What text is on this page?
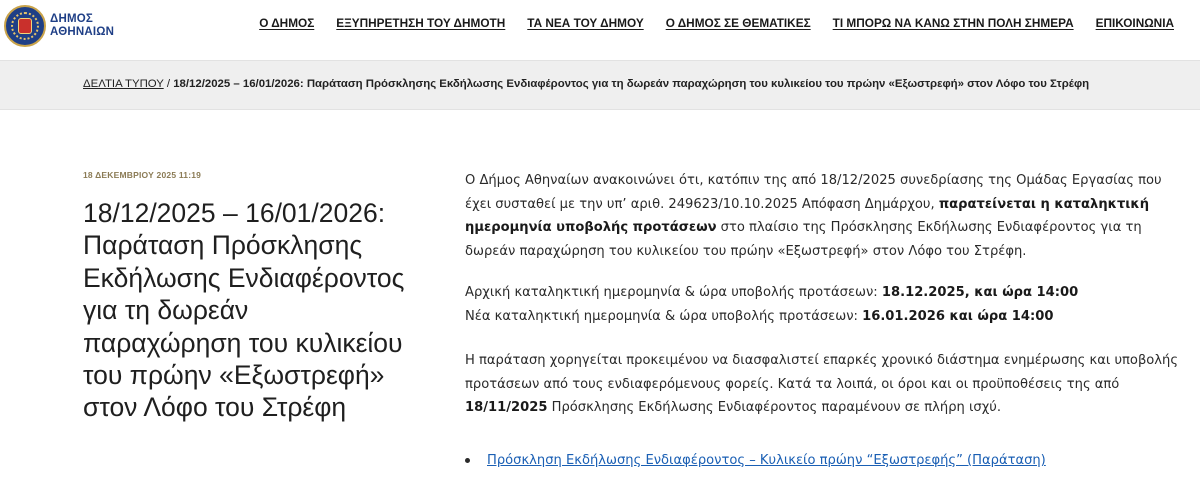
ΔΗΜΟΣ
ΑΘΗΝΑΙΩΝ
Ο ΔΗΜΟΣ ΕΞΥΠΗΡΕΤΗΣΗ ΤΟΥ ΔΗΜΟΤΗ ΤΑ ΝΕΑ ΤΟΥ ΔΗΜΟΥ Ο ΔΗΜΟΣ ΣΕ ΘΕΜΑΤΙΚΕΣ ΤΙ ΜΠΟΡΩ ΝΑ ΚΑΝΩ ΣΤΗΝ ΠΟΛΗ ΣΗΜΕΡΑ ΕΠΙΚΟΙΝΩΝΙΑ
ΔΕΛΤΙΑ ΤΥΠΟΥ / 18/12/2025 – 16/01/2026: Παράταση Πρόσκλησης Εκδήλωσης Ενδιαφέροντος για τη δωρεάν παραχώρηση του κυλικείου του πρώην «Εξωστρεφή» στον Λόφο του Στρέφη
18 ΔΕΚΕΜΒΡΙΟΥ 2025 11:19
18/12/2025 – 16/01/2026: Παράταση Πρόσκλησης Εκδήλωσης Ενδιαφέροντος για τη δωρεάν παραχώρηση του κυλικείου του πρώην «Εξωστρεφή» στον Λόφο του Στρέφη

Ο Δήμος Αθηναίων ανακοινώνει ότι, κατόπιν της από 18/12/2025 συνεδρίασης της Ομάδας Εργασίας που έχει συσταθεί με την υπ’ αριθ. 249623/10.10.2025 Απόφαση Δημάρχου, παρατείνεται η καταληκτική ημερομηνία υποβολής προτάσεων στο πλαίσιο της Πρόσκλησης Εκδήλωσης Ενδιαφέροντος για τη δωρεάν παραχώρηση του κυλικείου του πρώην «Εξωστρεφή» στον Λόφο του Στρέφη.

Αρχική καταληκτική ημερομηνία & ώρα υποβολής προτάσεων: 18.12.2025, και ώρα 14:00
Νέα καταληκτική ημερομηνία & ώρα υποβολής προτάσεων: 16.01.2026 και ώρα 14:00

Η παράταση χορηγείται προκειμένου να διασφαλιστεί επαρκές χρονικό διάστημα ενημέρωσης και υποβολής προτάσεων από τους ενδιαφερόμενους φορείς. Κατά τα λοιπά, οι όροι και οι προϋποθέσεις της από 18/11/2025 Πρόσκλησης Εκδήλωσης Ενδιαφέροντος παραμένουν σε πλήρη ισχύ.

Πρόσκληση Εκδήλωσης Ενδιαφέροντος – Κυλικείο πρώην “Εξωστρεφής” (Παράταση)
